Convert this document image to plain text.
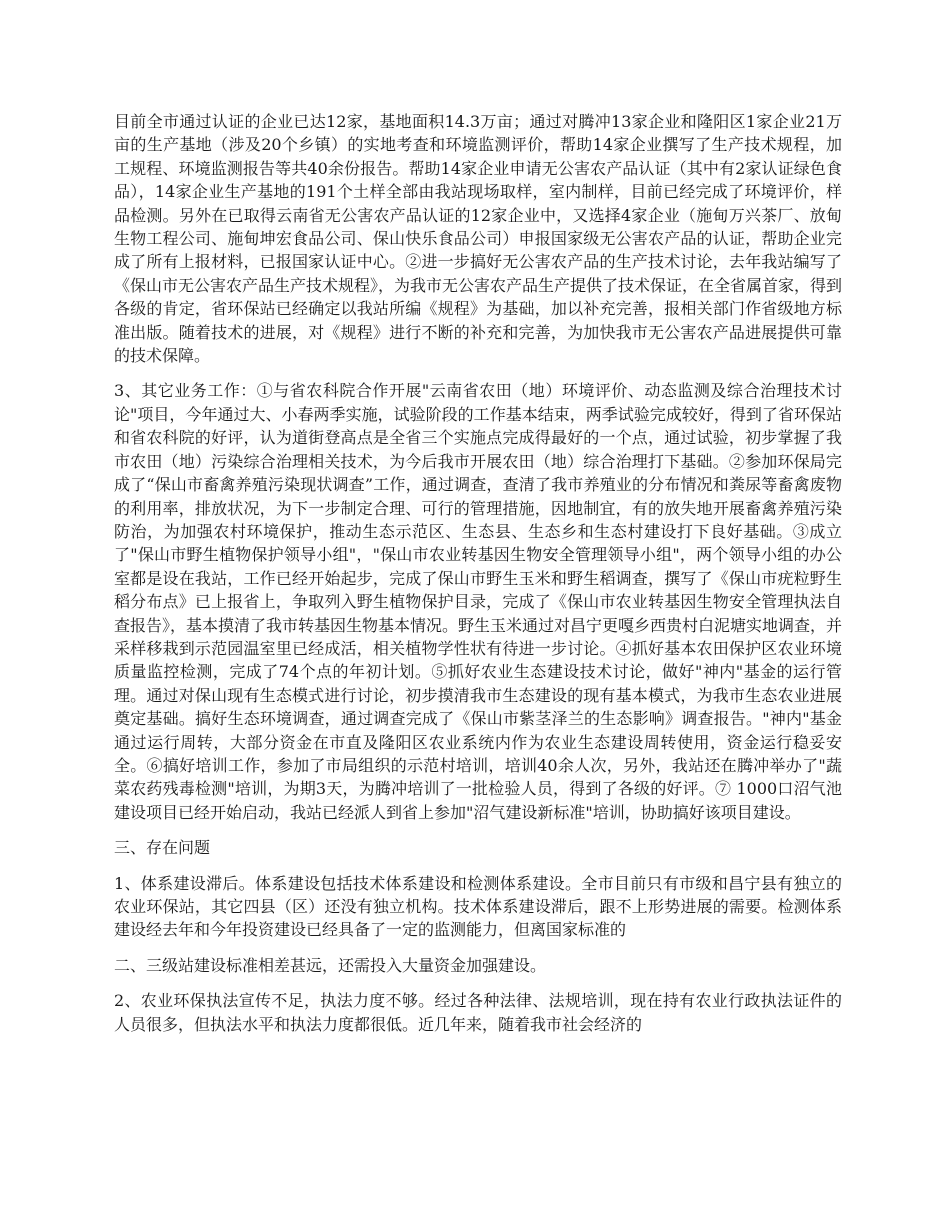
目前全市通过认证的企业已达12家，基地面积14.3万亩；通过对腾冲13家企业和隆阳区1家企业21万亩的生产基地（涉及20个乡镇）的实地考查和环境监测评价，帮助14家企业撰写了生产技术规程，加工规程、环境监测报告等共40余份报告。帮助14家企业申请无公害农产品认证（其中有2家认证绿色食品），14家企业生产基地的191个土样全部由我站现场取样，室内制样，目前已经完成了环境评价，样品检测。另外在已取得云南省无公害农产品认证的12家企业中，又选择4家企业（施甸万兴茶厂、放甸生物工程公司、施甸坤宏食品公司、保山快乐食品公司）申报国家级无公害农产品的认证，帮助企业完成了所有上报材料，已报国家认证中心。②进一步搞好无公害农产品的生产技术讨论，去年我站编写了《保山市无公害农产品生产技术规程》，为我市无公害农产品生产提供了技术保证，在全省属首家，得到各级的肯定，省环保站已经确定以我站所编《规程》为基础，加以补充完善，报相关部门作省级地方标准出版。随着技术的进展，对《规程》进行不断的补充和完善，为加快我市无公害农产品进展提供可靠的技术保障。

3、其它业务工作：①与省农科院合作开展"云南省农田（地）环境评价、动态监测及综合治理技术讨论"项目，今年通过大、小春两季实施，试验阶段的工作基本结束，两季试验完成较好，得到了省环保站和省农科院的好评，认为道街登高点是全省三个实施点完成得最好的一个点，通过试验，初步掌握了我市农田（地）污染综合治理相关技术，为今后我市开展农田（地）综合治理打下基础。②参加环保局完成了“保山市畜禽养殖污染现状调查”工作，通过调查，查清了我市养殖业的分布情况和粪尿等畜禽废物的利用率，排放状况，为下一步制定合理、可行的管理措施，因地制宜，有的放失地开展畜禽养殖污染防治，为加强农村环境保护，推动生态示范区、生态县、生态乡和生态村建设打下良好基础。③成立了"保山市野生植物保护领导小组"，"保山市农业转基因生物安全管理领导小组"，两个领导小组的办公室都是设在我站，工作已经开始起步，完成了保山市野生玉米和野生稻调查，撰写了《保山市疣粒野生稻分布点》已上报省上，争取列入野生植物保护目录，完成了《保山市农业转基因生物安全管理执法自查报告》，基本摸清了我市转基因生物基本情况。野生玉米通过对昌宁更嘎乡西贵村白泥塘实地调查，并采样移栽到示范园温室里已经成活，相关植物学性状有待进一步讨论。④抓好基本农田保护区农业环境质量监控检测，完成了74个点的年初计划。⑤抓好农业生态建设技术讨论，做好"神内"基金的运行管理。通过对保山现有生态模式进行讨论，初步摸清我市生态建设的现有基本模式，为我市生态农业进展奠定基础。搞好生态环境调查，通过调查完成了《保山市紫茎泽兰的生态影响》调查报告。"神内"基金通过运行周转，大部分资金在市直及隆阳区农业系统内作为农业生态建设周转使用，资金运行稳妥安全。⑥搞好培训工作，参加了市局组织的示范村培训，培训40余人次，另外，我站还在腾冲举办了"蔬菜农药残毒检测"培训，为期3天，为腾冲培训了一批检验人员，得到了各级的好评。⑦ 1000口沼气池建设项目已经开始启动，我站已经派人到省上参加"沼气建设新标准"培训，协助搞好该项目建设。

三、存在问题

1、体系建设滞后。体系建设包括技术体系建设和检测体系建设。全市目前只有市级和昌宁县有独立的农业环保站，其它四县（区）还没有独立机构。技术体系建设滞后，跟不上形势进展的需要。检测体系建设经去年和今年投资建设已经具备了一定的监测能力，但离国家标准的

二、三级站建设标准相差甚远，还需投入大量资金加强建设。

2、农业环保执法宣传不足，执法力度不够。经过各种法律、法规培训，现在持有农业行政执法证件的人员很多，但执法水平和执法力度都很低。近几年来，随着我市社会经济的
